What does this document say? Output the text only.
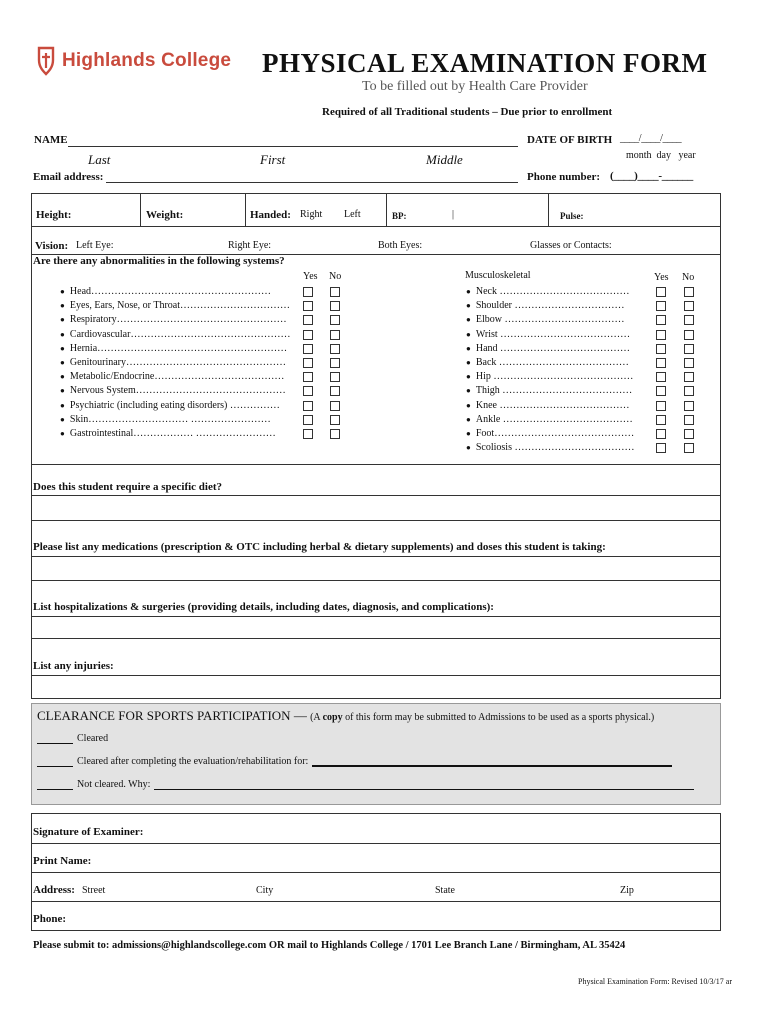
Highlands College PHYSICAL EXAMINATION FORM
To be filled out by Health Care Provider
Required of all Traditional students – Due prior to enrollment
NAME	DATE OF BIRTH ____/____/____
month  day   year
Last	First	Middle
Email address:	Phone number: (____)____-______
Height:	Weight:	Handed: Right Left	BP:	|	Pulse:
Vision: Left Eye:	Right Eye:	Both Eyes:	Glasses or Contacts:
Are there any abnormalities in the following systems?
Yes No	Musculoskeletal	Yes No
● Head………………………………………………
● Eyes, Ears, Nose, or Throat……………………………
● Respiratory……………………………………………
● Cardiovascular…………………………………………
● Hernia…………………………………………………
● Genitourinary…………………………………………
● Metabolic/Endocrine…………………………………
● Nervous System………………………………………
● Psychiatric (including eating disorders) ……………
● Skin………………………… ……………………
● Gastrointestinal……………… ……………………
● Neck …………………………………
● Shoulder ……………………………
● Elbow ………………………………
● Wrist …………………………………
● Hand …………………………………
● Back …………………………………
● Hip ……………………………………
● Thigh …………………………………
● Knee …………………………………
● Ankle …………………………………
● Foot……………………………………
● Scoliosis ………………………………
Does this student require a specific diet?
Please list any medications (prescription & OTC including herbal & dietary supplements) and doses this student is taking:
List hospitalizations & surgeries (providing details, including dates, diagnosis, and complications):
List any injuries:
CLEARANCE FOR SPORTS PARTICIPATION — (A copy of this form may be submitted to Admissions to be used as a sports physical.)
Cleared
Cleared after completing the evaluation/rehabilitation for:
Not cleared. Why:
Signature of Examiner:
Print Name:
Address: Street	City	State	Zip
Phone:
Please submit to: admissions@highlandscollege.com OR mail to Highlands College / 1701 Lee Branch Lane / Birmingham, AL 35424
Physical Examination Form: Revised 10/3/17 ar
